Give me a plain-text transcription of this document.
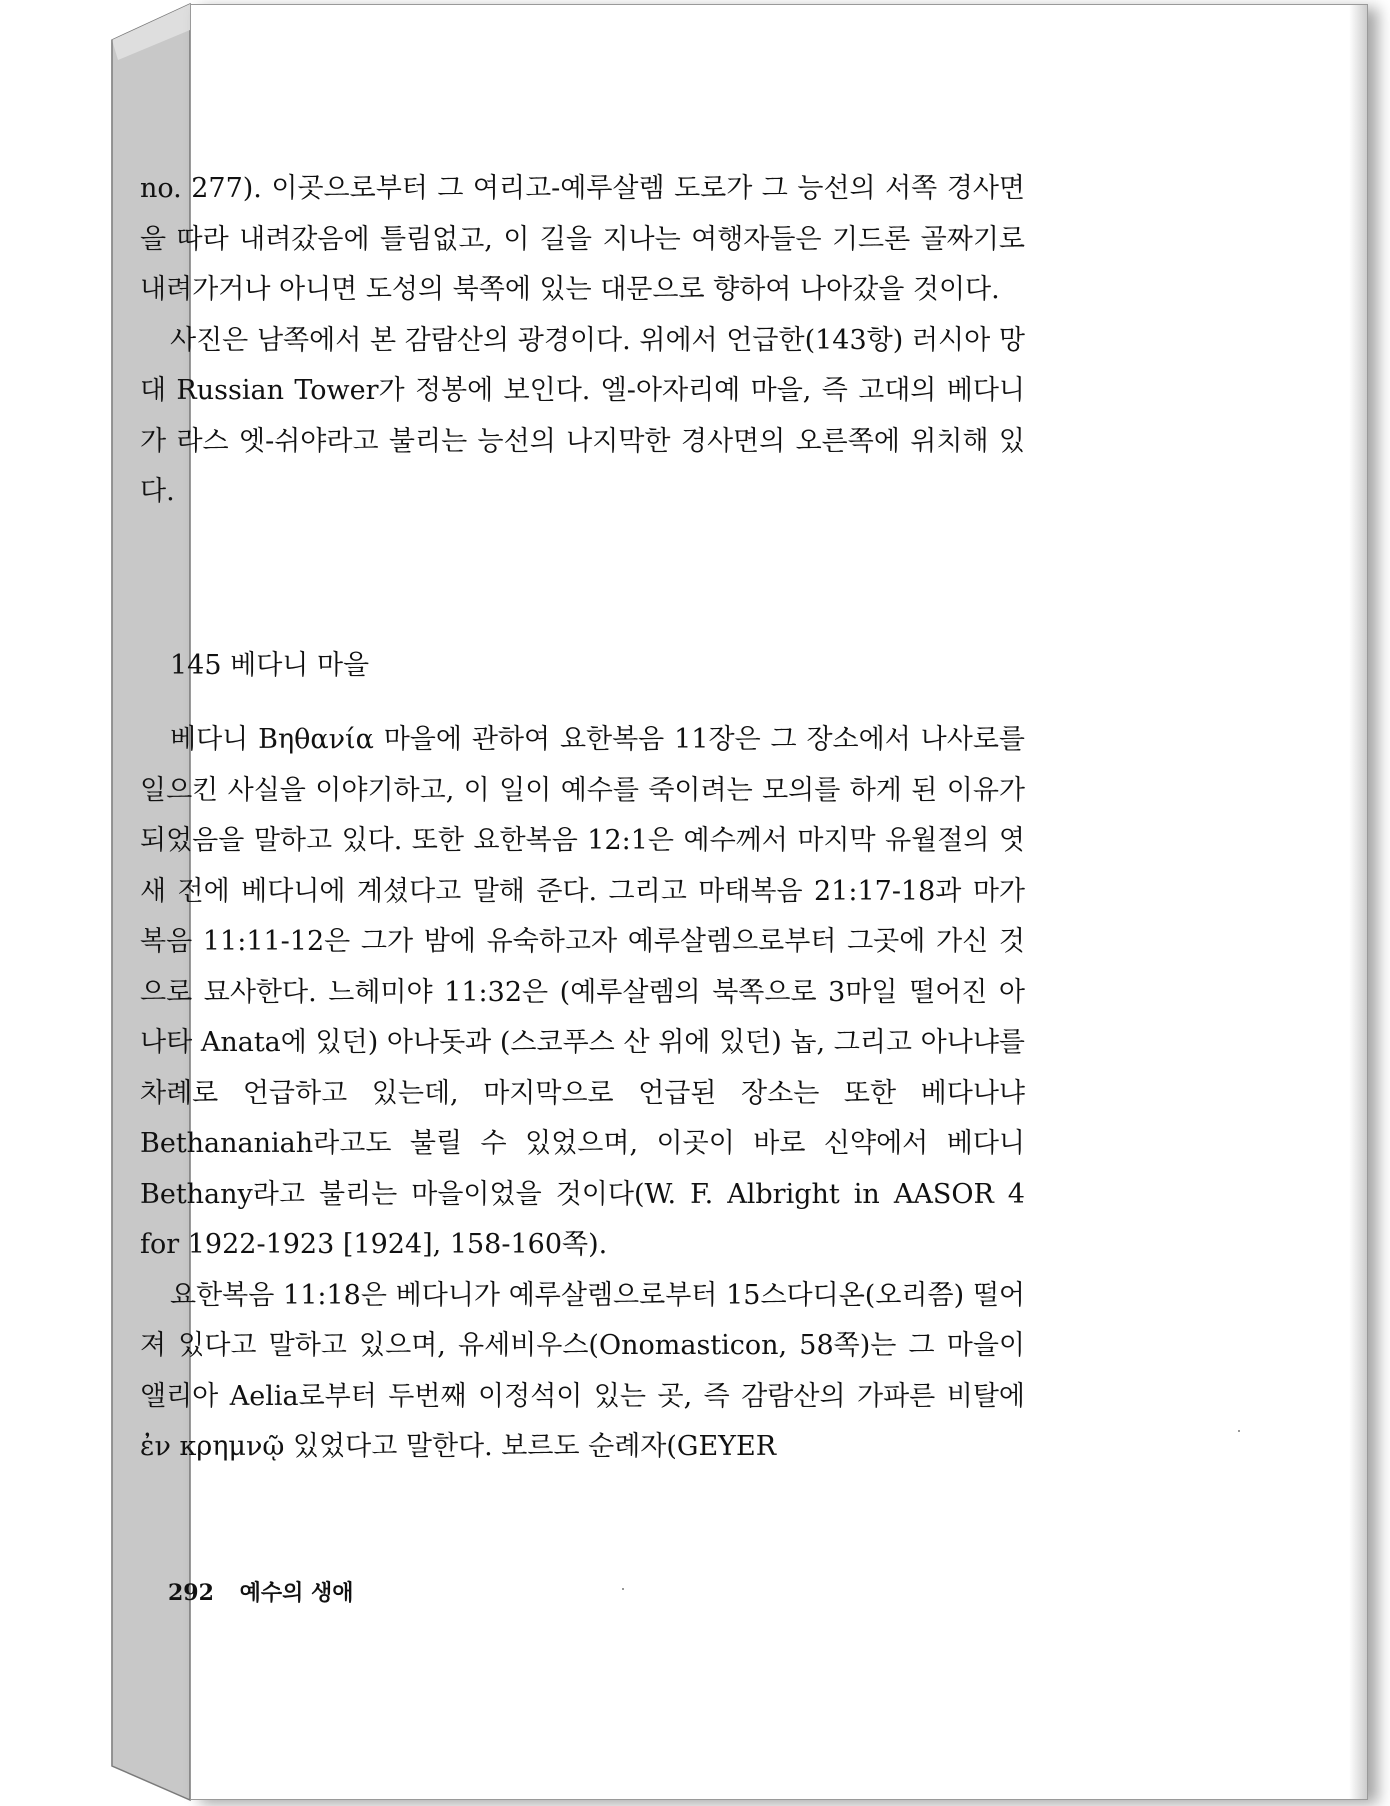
no. 277). 이곳으로부터 그 여리고-예루살렘 도로가 그 능선의 서쪽 경사면을 따라 내려갔음에 틀림없고, 이 길을 지나는 여행자들은 기드론 골짜기로 내려가거나 아니면 도성의 북쪽에 있는 대문으로 향하여 나아갔을 것이다.

사진은 남쪽에서 본 감람산의 광경이다. 위에서 언급한(143항) 러시아 망대 Russian Tower가 정봉에 보인다. 엘-아자리예 마을, 즉 고대의 베다니가 라스 엣-쉬야라고 불리는 능선의 나지막한 경사면의 오른쪽에 위치해 있다.

145 베다니 마을

베다니 Bηθανία 마을에 관하여 요한복음 11장은 그 장소에서 나사로를 일으킨 사실을 이야기하고, 이 일이 예수를 죽이려는 모의를 하게 된 이유가 되었음을 말하고 있다. 또한 요한복음 12:1은 예수께서 마지막 유월절의 엿새 전에 베다니에 계셨다고 말해 준다. 그리고 마태복음 21:17-18과 마가복음 11:11-12은 그가 밤에 유숙하고자 예루살렘으로부터 그곳에 가신 것으로 묘사한다. 느헤미야 11:32은 (예루살렘의 북쪽으로 3마일 떨어진 아나타 Anata에 있던) 아나돗과 (스코푸스 산 위에 있던) 놉, 그리고 아나냐를 차례로 언급하고 있는데, 마지막으로 언급된 장소는 또한 베다나냐 Bethananiah라고도 불릴 수 있었으며, 이곳이 바로 신약에서 베다니 Bethany라고 불리는 마을이었을 것이다(W. F. Albright in AASOR 4 for 1922-1923 [1924], 158-160쪽).

요한복음 11:18은 베다니가 예루살렘으로부터 15스다디온(오리쯤) 떨어져 있다고 말하고 있으며, 유세비우스(Onomasticon, 58쪽)는 그 마을이 앨리아 Aelia로부터 두번째 이정석이 있는 곳, 즉 감람산의 가파른 비탈에 ἐν κρημνῷ 있었다고 말한다. 보르도 순례자(GEYER

292 예수의 생애
